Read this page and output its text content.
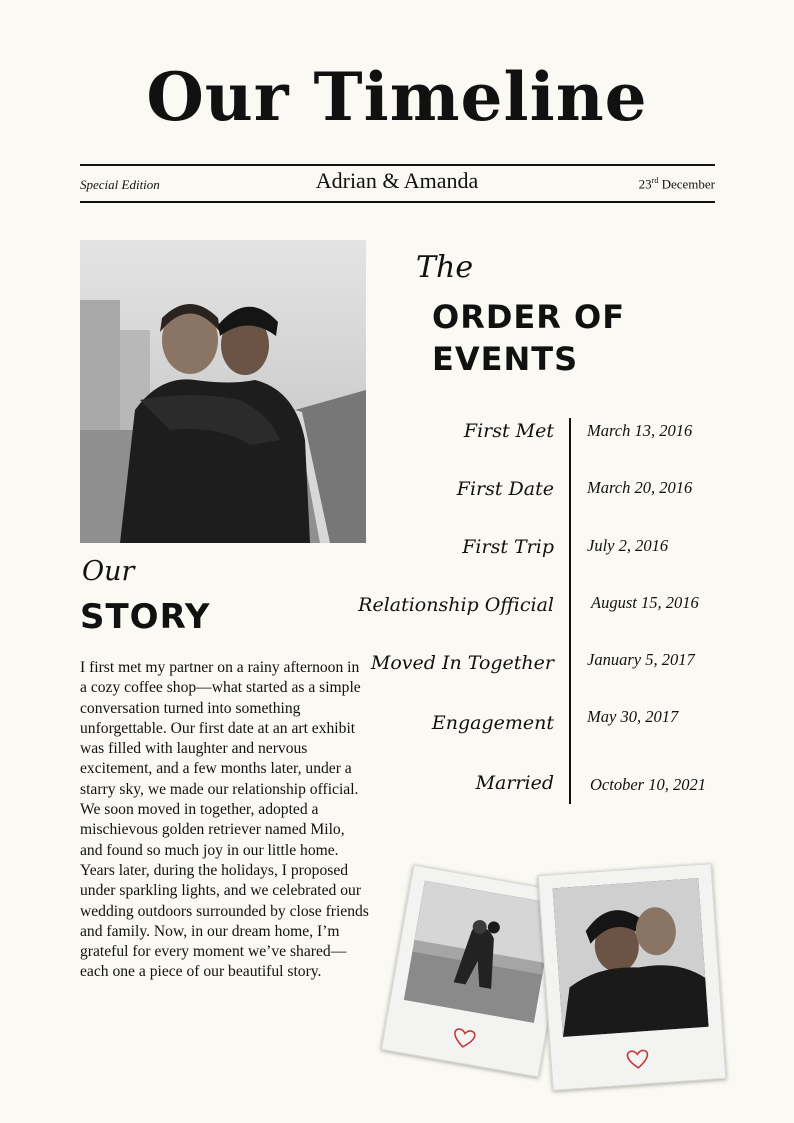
Our Timeline
Special Edition	Adrian & Amanda	23rd December
Our
STORY

I first met my partner on a rainy afternoon in a cozy coffee shop—what started as a simple conversation turned into something unforgettable. Our first date at an art exhibit was filled with laughter and nervous excitement, and a few months later, under a starry sky, we made our relationship official. We soon moved in together, adopted a mischievous golden retriever named Milo, and found so much joy in our little home. Years later, during the holidays, I proposed under sparkling lights, and we celebrated our wedding outdoors surrounded by close friends and family. Now, in our dream home, I’m grateful for every moment we’ve shared—each one a piece of our beautiful story.

The
ORDER OF EVENTS
First Met March 13, 2016
First Date March 20, 2016
First Trip July 2, 2016
Relationship Official August 15, 2016
Moved In Together January 5, 2017
Engagement May 30, 2017
Married October 10, 2021
